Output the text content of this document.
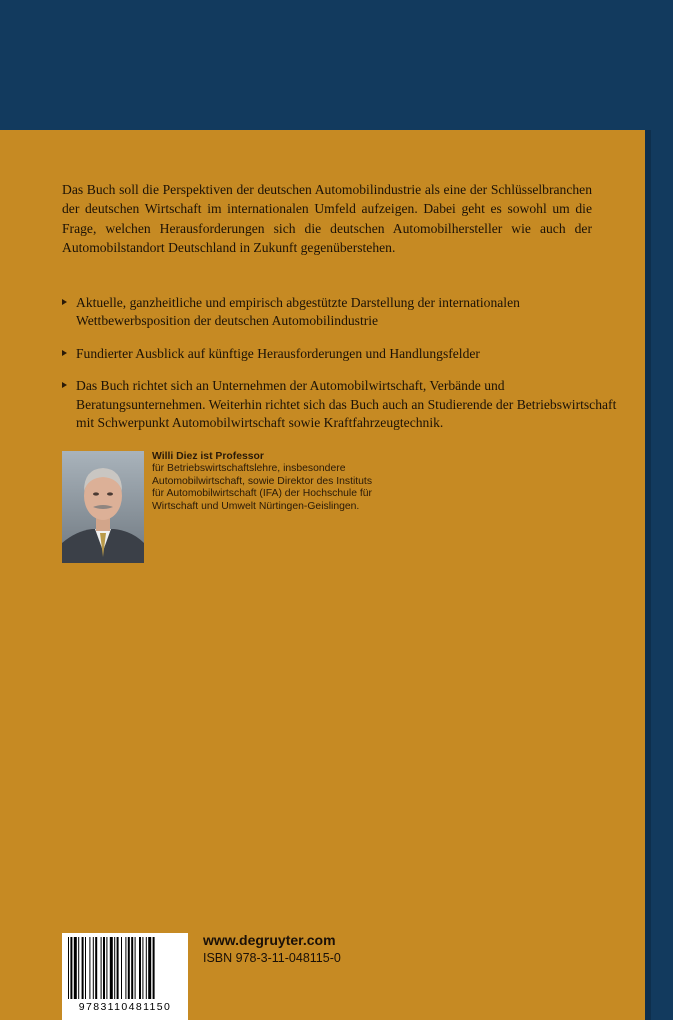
Das Buch soll die Perspektiven der deutschen Automobilindustrie als eine der Schlüsselbranchen der deutschen Wirtschaft im internationalen Umfeld aufzeigen. Dabei geht es sowohl um die Frage, welchen Herausforderungen sich die deutschen Automobilhersteller wie auch der Automobilstandort Deutschland in Zukunft gegenüberstehen.

Aktuelle, ganzheitliche und empirisch abgestützte Darstellung der internationalen Wettbewerbsposition der deutschen Automobilindustrie
Fundierter Ausblick auf künftige Herausforderungen und Handlungsfelder
Das Buch richtet sich an Unternehmen der Automobilwirtschaft, Verbände und Beratungsunternehmen. Weiterhin richtet sich das Buch auch an Studierende der Betriebswirtschaft mit Schwerpunkt Automobilwirtschaft sowie Kraftfahrzeugtechnik.
Willi Diez ist Professor
für Betriebswirtschaftslehre, insbesondere Automobilwirtschaft, sowie Direktor des Instituts für Automobilwirtschaft (IFA) der Hochschule für Wirtschaft und Umwelt Nürtingen-Geislingen.
9783110481150
www.degruyter.com
ISBN 978-3-11-048115-0
